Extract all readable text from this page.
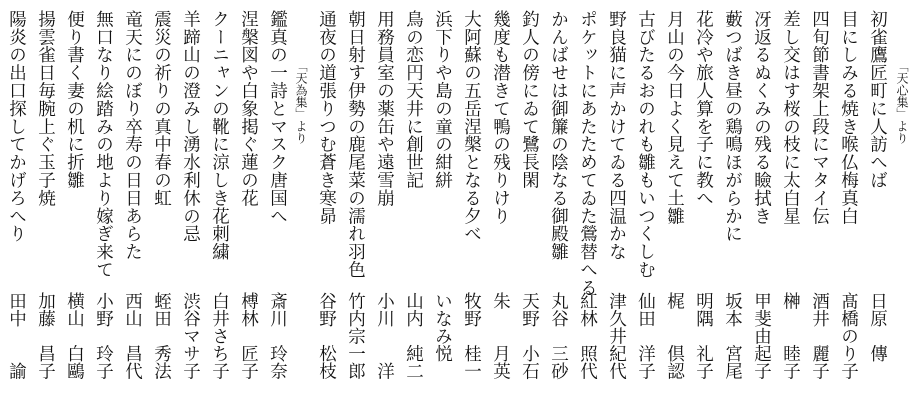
「天心集」より
「天為集」より	初雀鷹匠町に人訪へば
目にしみる焼き喉仏梅真白
四旬節書架上段にマタイ伝
差し交はす桜の枝に太白星
冴返るぬくみの残る瞼拭き
藪つばき昼の鶏鳴ほがらかに
花冷や旅人算を子に教へ
月山の今日よく見えて土雛
古びたるおのれも雛もいつくしむ
野良猫に声かけてゐる四温かな
ポケットにあたためてゐた鶯替へる
かんばせは御簾の陰なる御殿雛
釣人の傍にゐて鷺長閑
幾度も潜きて鴨の残りけり
大阿蘇の五岳涅槃となる夕べ
浜下りや島の童の紺絣
鳥の恋円天井に創世記
用務員室の薬缶や遠雪崩
朝日射す伊勢の鹿尾菜の濡れ羽色
通夜の道張りつむ蒼き寒昴
日原　傳
髙橋のり子
酒井　麗子
榊　　睦子
甲斐由起子
坂本　宮尾
明隅　礼子
梶　　倶認
仙田　洋子
津久井紀代
紅林　照代
丸谷　三砂
天野　小石
朱　　月英
牧野　桂一
いなみ悦
山内　純二
小川　　洋
竹内宗一郎
谷野　松枝
鑑真の一詩とマスク唐国へ
涅槃図や白象掲ぐ蓮の花
クーニャンの靴に涼しき花刺繍
羊蹄山の澄みし湧水利休の忌
震災の祈りの真中春の虹
竜天にのぼり卒寿の日日あらた
無口なり絵踏みの地より嫁ぎ来て
便り書く妻の机に折雛
揚雲雀日毎腕上ぐ玉子焼
陽炎の出口探してかげろへり
斎川　玲奈
榑林　匠子
白井さち子
渋谷マサ子
蛭田　秀法
西山　昌代
小野　玲子
横山　白鷗
加藤　昌子
田中　　諭
